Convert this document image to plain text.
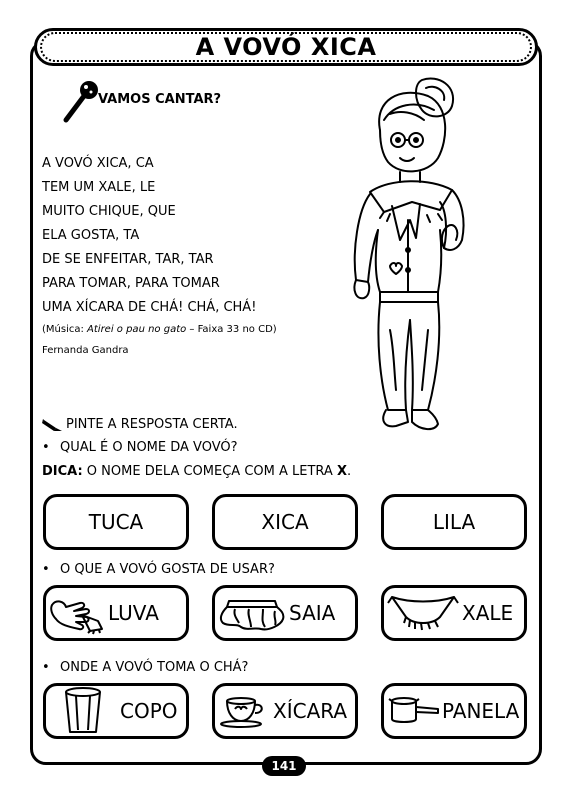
A VOVÓ XICA
VAMOS CANTAR?
A VOVÓ XICA, CA
TEM UM XALE, LE
MUITO CHIQUE, QUE
ELA GOSTA, TA
DE SE ENFEITAR, TAR, TAR
PARA TOMAR, PARA TOMAR
UMA XÍCARA DE CHÁ! CHÁ, CHÁ!
(Música: Atirei o pau no gato – Faixa 33 no CD)
Fernanda Gandra
PINTE A RESPOSTA CERTA.
• QUAL É O NOME DA VOVÓ?
DICA: O NOME DELA COMEÇA COM A LETRA X.
TUCA	XICA	LILA
• O QUE A VOVÓ GOSTA DE USAR?
LUVA	SAIA	XALE
• ONDE A VOVÓ TOMA O CHÁ?
COPO	XÍCARA	PANELA
141
